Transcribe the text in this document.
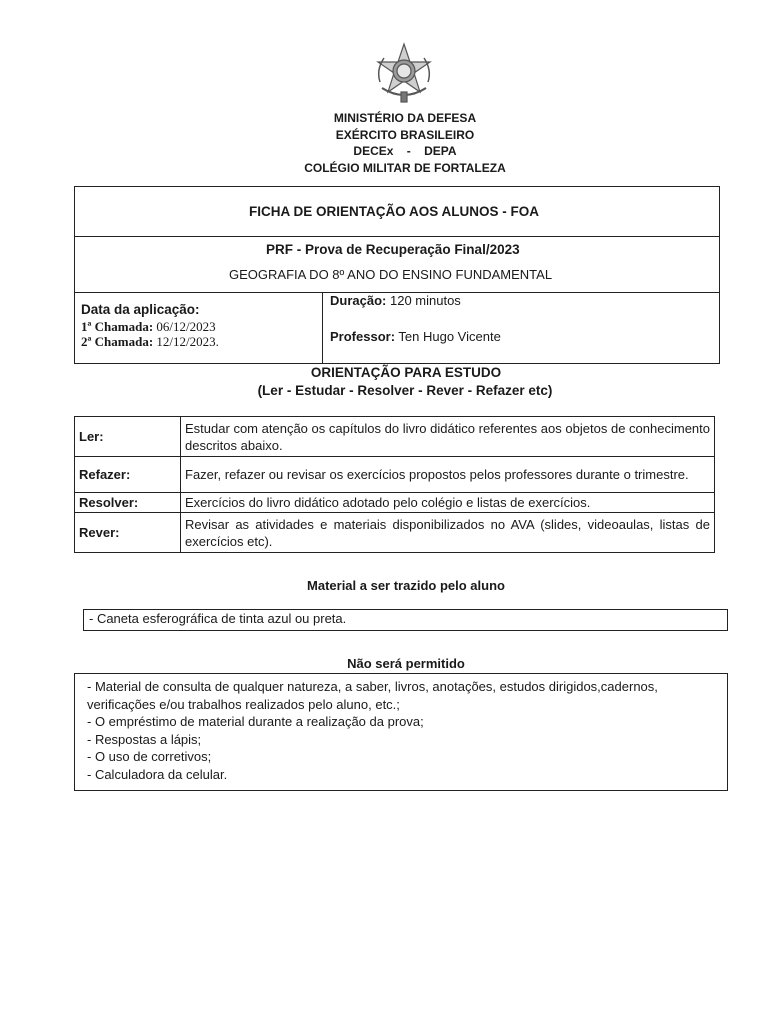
MINISTÉRIO DA DEFESA
EXÉRCITO BRASILEIRO
DECEx    -    DEPA
COLÉGIO MILITAR DE FORTALEZA
FICHA DE ORIENTAÇÃO AOS ALUNOS - FOA
PRF - Prova de Recuperação Final/2023
GEOGRAFIA DO 8º ANO DO ENSINO FUNDAMENTAL
Data da aplicação:
1ª Chamada: 06/12/2023
2ª Chamada: 12/12/2023.
Duração: 120 minutos
Professor: Ten Hugo Vicente
ORIENTAÇÃO PARA ESTUDO
(Ler - Estudar - Resolver - Rever - Refazer etc)
Ler:	Estudar com atenção os capítulos do livro didático referentes aos objetos de conhecimento descritos abaixo.
Refazer:	Fazer, refazer ou revisar os exercícios propostos pelos professores durante o trimestre.
Resolver:	Exercícios do livro didático adotado pelo colégio e listas de exercícios.
Rever:	Revisar as atividades e materiais disponibilizados no AVA (slides, videoaulas, listas de exercícios etc).
Material a ser trazido pelo aluno
- Caneta esferográfica de tinta azul ou preta.
Não será permitido
- Material de consulta de qualquer natureza, a saber, livros, anotações, estudos dirigidos,cadernos, verificações e/ou trabalhos realizados pelo aluno, etc.;
- O empréstimo de material durante a realização da prova;
- Respostas a lápis;
- O uso de corretivos;
- Calculadora da celular.
